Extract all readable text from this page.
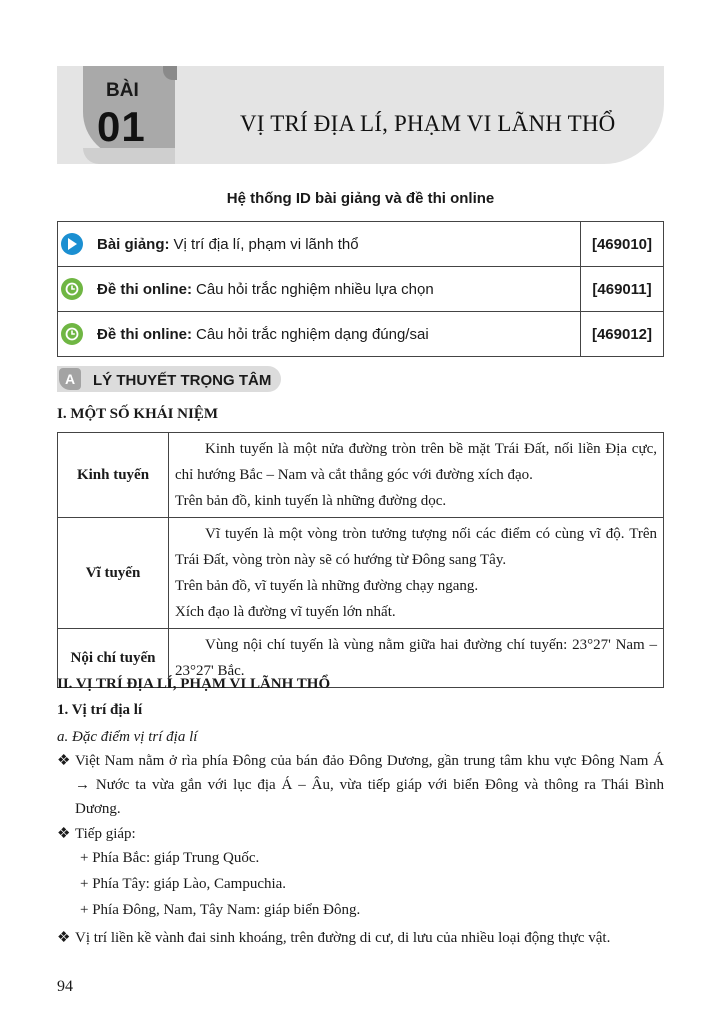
BÀI
01	VỊ TRÍ ĐỊA LÍ, PHẠM VI LÃNH THỔ
Hệ thống ID bài giảng và đề thi online
Bài giảng: Vị trí địa lí, phạm vi lãnh thổ	[469010]

Đề thi online: Câu hỏi trắc nghiệm nhiều lựa chọn	[469011]

Đề thi online: Câu hỏi trắc nghiệm dạng đúng/sai	[469012]
A	LÝ THUYẾT TRỌNG TÂM
I. MỘT SỐ KHÁI NIỆM
Kinh tuyến	Kinh tuyến là một nửa đường tròn trên bề mặt Trái Đất, nối liền Địa cực, chỉ hướng Bắc – Nam và cắt thẳng góc với đường xích đạo.

Trên bản đồ, kinh tuyến là những đường dọc.

Vĩ tuyến	Vĩ tuyến là một vòng tròn tưởng tượng nối các điểm có cùng vĩ độ. Trên Trái Đất, vòng tròn này sẽ có hướng từ Đông sang Tây.

Trên bản đồ, vĩ tuyến là những đường chạy ngang.

Xích đạo là đường vĩ tuyến lớn nhất.

Nội chí tuyến	Vùng nội chí tuyến là vùng nằm giữa hai đường chí tuyến: 23°27' Nam – 23°27' Bắc.

II. VỊ TRÍ ĐỊA LÍ, PHẠM VI LÃNH THỔ
1. Vị trí địa lí
a. Đặc điểm vị trí địa lí
❖ Việt Nam nằm ở rìa phía Đông của bán đảo Đông Dương, gần trung tâm khu vực Đông Nam Á → Nước ta vừa gắn với lục địa Á – Âu, vừa tiếp giáp với biển Đông và thông ra Thái Bình Dương.
❖ Tiếp giáp:
+ Phía Bắc: giáp Trung Quốc.
+ Phía Tây: giáp Lào, Campuchia.
+ Phía Đông, Nam, Tây Nam: giáp biển Đông.
❖ Vị trí liền kề vành đai sinh khoáng, trên đường di cư, di lưu của nhiều loại động thực vật.
94
